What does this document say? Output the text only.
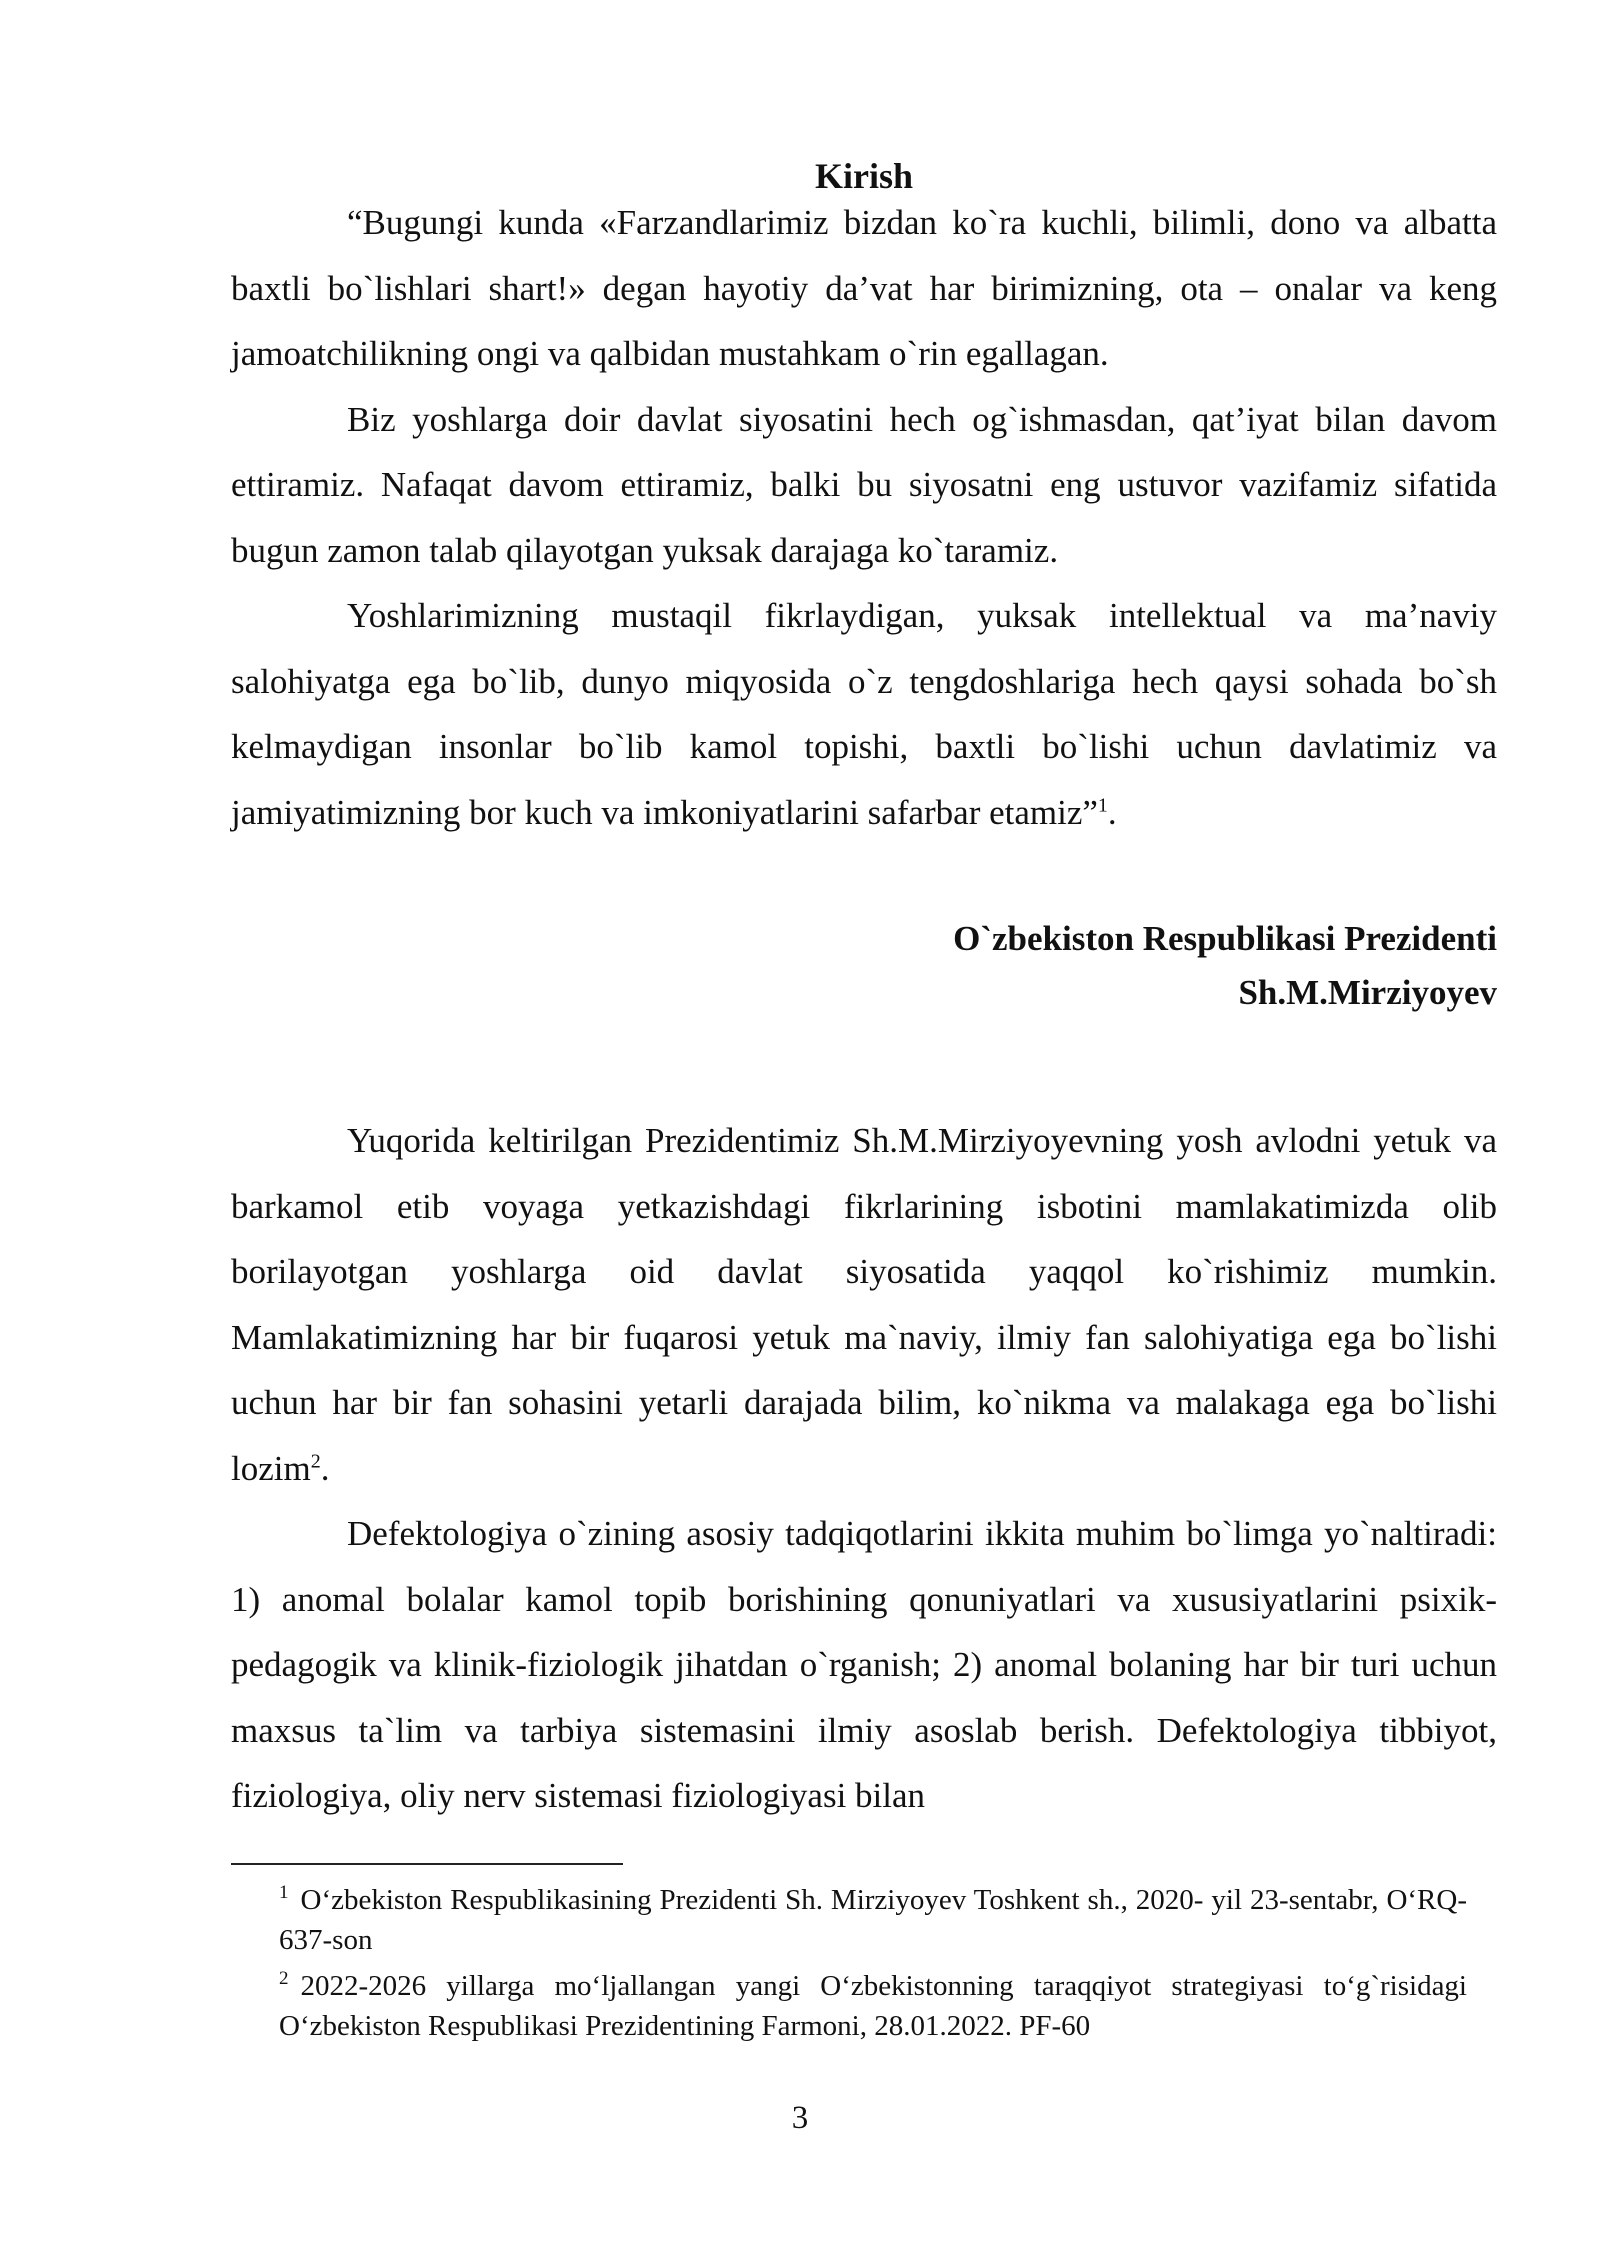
Kirish

“Bugungi kunda «Farzandlarimiz bizdan ko`ra kuchli, bilimli, dono va albatta baxtli bo`lishlari shart!» degan hayotiy da’vat har birimizning, ota – onalar va keng jamoatchilikning ongi va qalbidan mustahkam o`rin egallagan.

Biz yoshlarga doir davlat siyosatini hech og`ishmasdan, qat’iyat bilan davom ettiramiz. Nafaqat davom ettiramiz, balki bu siyosatni eng ustuvor vazifamiz sifatida bugun zamon talab qilayotgan yuksak darajaga ko`taramiz.

Yoshlarimizning mustaqil fikrlaydigan, yuksak intellektual va ma’naviy salohiyatga ega bo`lib, dunyo miqyosida o`z tengdoshlariga hech qaysi sohada bo`sh kelmaydigan insonlar bo`lib kamol topishi, baxtli bo`lishi uchun davlatimiz va jamiyatimizning bor kuch va imkoniyatlarini safarbar etamiz”$^1$.

O`zbekiston Respublikasi Prezidenti
Sh.M.Mirziyoyev

Yuqorida keltirilgan Prezidentimiz Sh.M.Mirziyoyevning yosh avlodni yetuk va barkamol etib voyaga yetkazishdagi fikrlarining isbotini mamlakatimizda olib borilayotgan yoshlarga oid davlat siyosatida yaqqol ko`rishimiz mumkin. Mamlakatimizning har bir fuqarosi yetuk ma`naviy, ilmiy fan salohiyatiga ega bo`lishi uchun har bir fan sohasini yetarli darajada bilim, ko`nikma va malakaga ega bo`lishi lozim$^2$.

Defektologiya o`zining asosiy tadqiqotlarini ikkita muhim bo`limga yo`naltiradi: 1) anomal bolalar kamol topib borishining qonuniyatlari va xususiyatlarini psixik-pedagogik va klinik-fiziologik jihatdan o`rganish; 2) anomal bolaning har bir turi uchun maxsus ta`lim va tarbiya sistemasini ilmiy asoslab berish. Defektologiya tibbiyot, fiziologiya, oliy nerv sistemasi fiziologiyasi bilan

$^1$ O‘zbekiston Respublikasining Prezidenti Sh. Mirziyoyev Toshkent sh., 2020- yil 23-sentabr, O‘RQ-637-son

$^2$ 2022-2026 yillarga mo‘ljallangan yangi O‘zbekistonning taraqqiyot strategiyasi to‘g`risidagi O‘zbekiston Respublikasi Prezidentining Farmoni, 28.01.2022. PF-60

3
